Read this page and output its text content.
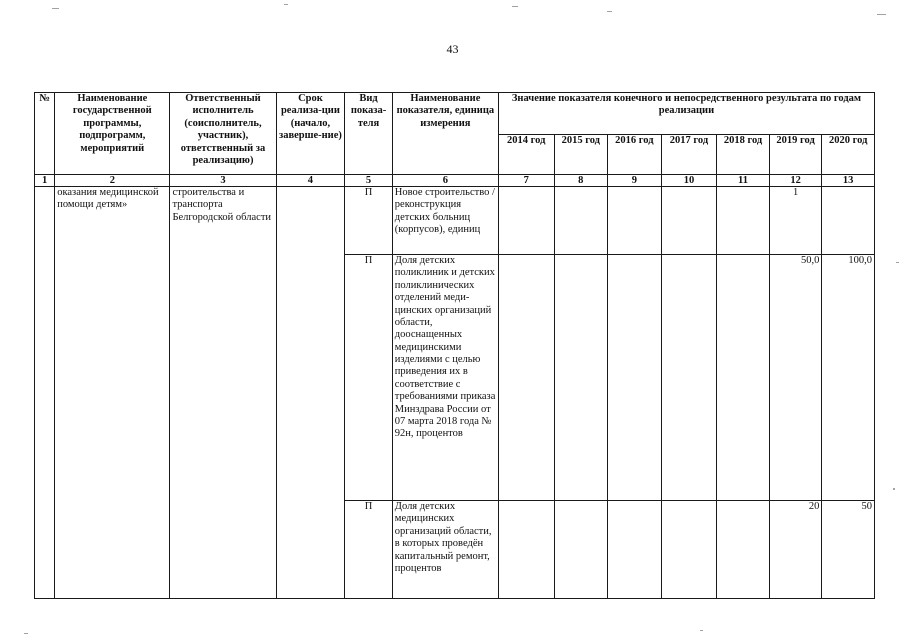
43
№	Наименование государственной программы, подпрограмм, мероприятий	Ответственный исполнитель (соисполнитель, участник), ответственный за реализацию)	Срок реализа-ции (начало, заверше-ние)	Вид показа-теля	Наименование показателя, единица измерения	Значение показателя конечного и непосредственного результата по годам реализации						
						2014 год	2015 год	2016 год	2017 год	2018 год	2019 год	2020 год
1	2	3	4	5	6	7	8	9	10	11	12	13
	оказания медицинской помощи детям»	строительства и транспорта Белгородской области		П	Новое строительство / реконструкция детских больниц (корпусов), единиц						1	
				П	Доля детских поликлиник и детских поликлинических отделений меди-цинских организаций области, дооснащенных медицинскими изделиями с целью приведения их в соответствие с требованиями приказа Минздрава России от 07 марта 2018 года № 92н, процентов						50,0	100,0
				П	Доля детских медицинских организаций области, в которых проведён капитальный ремонт, процентов						20	50
